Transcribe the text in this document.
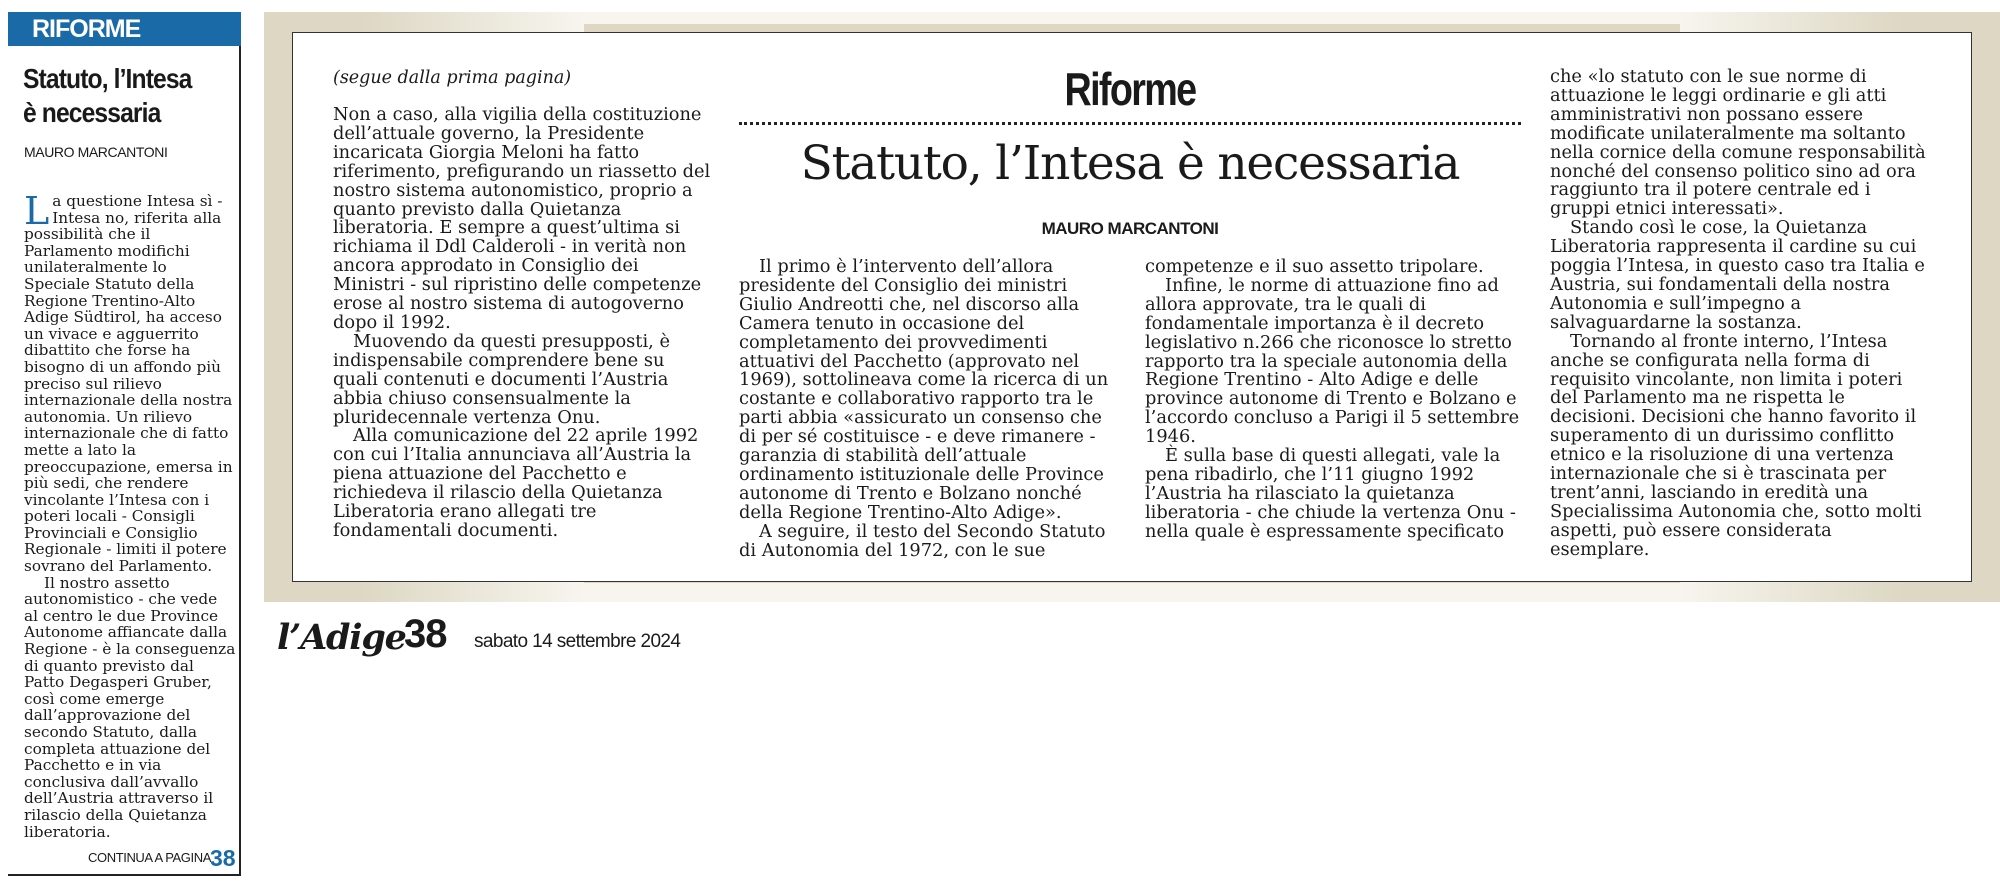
RIFORME
Statuto, l’Intesa è necessaria

MAURO MARCANTONI

La questione Intesa sì - Intesa no, riferita alla possibilità che il Parlamento modifichi unilateralmente lo Speciale Statuto della Regione Trentino-Alto Adige Südtirol, ha acceso un vivace e agguerrito dibattito che forse ha bisogno di un affondo più preciso sul rilievo internazionale della nostra autonomia. Un rilievo internazionale che di fatto mette a lato la preoccupazione, emersa in più sedi, che rendere vincolante l’Intesa con i poteri locali - Consigli Provinciali e Consiglio Regionale - limiti il potere sovrano del Parlamento.

Il nostro assetto autonomistico - che vede al centro le due Province Autonome affiancate dalla Regione - è la conseguenza di quanto previsto dal Patto Degasperi Gruber, così come emerge dall’approvazione del secondo Statuto, dalla completa attuazione del Pacchetto e in via conclusiva dall’avvallo dell’Austria attraverso il rilascio della Quietanza liberatoria.

CONTINUA A PAGINA 38

(segue dalla prima pagina)

Non a caso, alla vigilia della costituzione dell’attuale governo, la Presidente incaricata Giorgia Meloni ha fatto riferimento, prefigurando un riassetto del nostro sistema autonomistico, proprio a quanto previsto dalla Quietanza liberatoria. E sempre a quest’ultima si richiama il Ddl Calderoli - in verità non ancora approdato in Consiglio dei Ministri - sul ripristino delle competenze erose al nostro sistema di autogoverno dopo il 1992.

Muovendo da questi presupposti, è indispensabile comprendere bene su quali contenuti e documenti l’Austria abbia chiuso consensualmente la pluridecennale vertenza Onu.

Alla comunicazione del 22 aprile 1992 con cui l’Italia annunciava all’Austria la piena attuazione del Pacchetto e richiedeva il rilascio della Quietanza Liberatoria erano allegati tre fondamentali documenti.

Riforme
Statuto, l’Intesa è necessaria

MAURO MARCANTONI

Il primo è l’intervento dell’allora presidente del Consiglio dei ministri Giulio Andreotti che, nel discorso alla Camera tenuto in occasione del completamento dei provvedimenti attuativi del Pacchetto (approvato nel 1969), sottolineava come la ricerca di un costante e collaborativo rapporto tra le parti abbia «assicurato un consenso che di per sé costituisce - e deve rimanere - garanzia di stabilità dell’attuale ordinamento istituzionale delle Province autonome di Trento e Bolzano nonché della Regione Trentino-Alto Adige».

A seguire, il testo del Secondo Statuto di Autonomia del 1972, con le sue

competenze e il suo assetto tripolare.

Infine, le norme di attuazione fino ad allora approvate, tra le quali di fondamentale importanza è il decreto legislativo n.266 che riconosce lo stretto rapporto tra la speciale autonomia della Regione Trentino - Alto Adige e delle province autonome di Trento e Bolzano e l’accordo concluso a Parigi il 5 settembre 1946.

È sulla base di questi allegati, vale la pena ribadirlo, che l’11 giugno 1992 l’Austria ha rilasciato la quietanza liberatoria - che chiude la vertenza Onu - nella quale è espressamente specificato

che «lo statuto con le sue norme di attuazione le leggi ordinarie e gli atti amministrativi non possano essere modificate unilateralmente ma soltanto nella cornice della comune responsabilità nonché del consenso politico sino ad ora raggiunto tra il potere centrale ed i gruppi etnici interessati».

Stando così le cose, la Quietanza Liberatoria rappresenta il cardine su cui poggia l’Intesa, in questo caso tra Italia e Austria, sui fondamentali della nostra Autonomia e sull’impegno a salvaguardarne la sostanza.

Tornando al fronte interno, l’Intesa anche se configurata nella forma di requisito vincolante, non limita i poteri del Parlamento ma ne rispetta le decisioni. Decisioni che hanno favorito il superamento di un durissimo conflitto etnico e la risoluzione di una vertenza internazionale che si è trascinata per trent’anni, lasciando in eredità una Specialissima Autonomia che, sotto molti aspetti, può essere considerata esemplare.

l’Adige

38 sabato 14 settembre 2024
